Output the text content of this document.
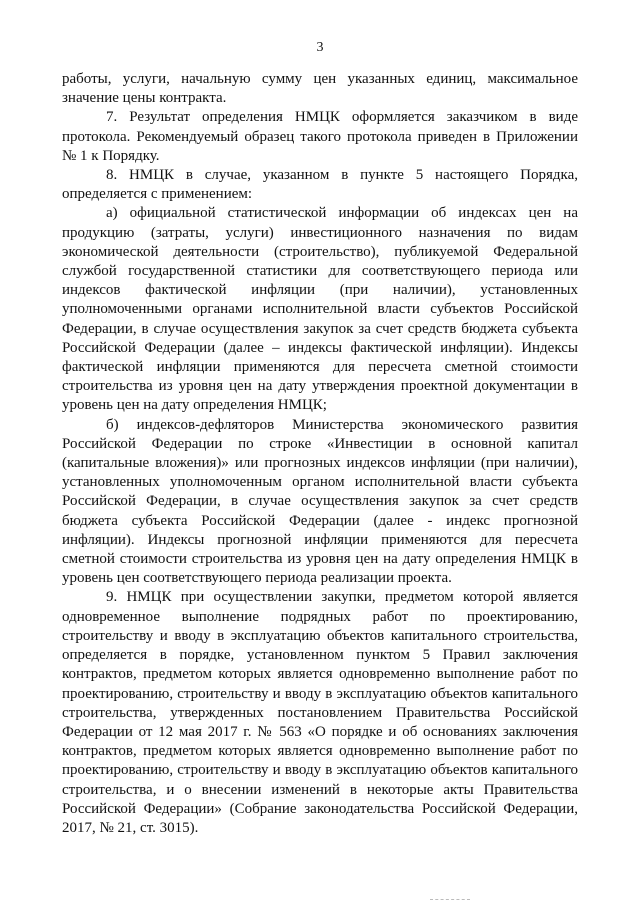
3

работы, услуги, начальную сумму цен указанных единиц, максимальное значение цены контракта.

7. Результат определения НМЦК оформляется заказчиком в виде протокола. Рекомендуемый образец такого протокола приведен в Приложении № 1 к Порядку.

8. НМЦК в случае, указанном в пункте 5 настоящего Порядка, определяется с применением:

а) официальной статистической информации об индексах цен на продукцию (затраты, услуги) инвестиционного назначения по видам экономической деятельности (строительство), публикуемой Федеральной службой государственной статистики для соответствующего периода или индексов фактической инфляции (при наличии), установленных уполномоченными органами исполнительной власти субъектов Российской Федерации, в случае осуществления закупок за счет средств бюджета субъекта Российской Федерации (далее – индексы фактической инфляции). Индексы фактической инфляции применяются для пересчета сметной стоимости строительства из уровня цен на дату утверждения проектной документации в уровень цен на дату определения НМЦК;

б) индексов-дефляторов Министерства экономического развития Российской Федерации по строке «Инвестиции в основной капитал (капитальные вложения)» или прогнозных индексов инфляции (при наличии), установленных уполномоченным органом исполнительной власти субъекта Российской Федерации, в случае осуществления закупок за счет средств бюджета субъекта Российской Федерации (далее - индекс прогнозной инфляции). Индексы прогнозной инфляции применяются для пересчета сметной стоимости строительства из уровня цен на дату определения НМЦК в уровень цен соответствующего периода реализации проекта.

9. НМЦК при осуществлении закупки, предметом которой является одновременное выполнение подрядных работ по проектированию, строительству и вводу в эксплуатацию объектов капитального строительства, определяется в порядке, установленном пунктом 5 Правил заключения контрактов, предметом которых является одновременно выполнение работ по проектированию, строительству и вводу в эксплуатацию объектов капитального строительства, утвержденных постановлением Правительства Российской Федерации от 12 мая 2017 г. № 563 «О порядке и об основаниях заключения контрактов, предметом которых является одновременно выполнение работ по проектированию, строительству и вводу в эксплуатацию объектов капитального строительства, и о внесении изменений в некоторые акты Правительства Российской Федерации» (Собрание законодательства Российской Федерации, 2017, № 21, ст. 3015).
